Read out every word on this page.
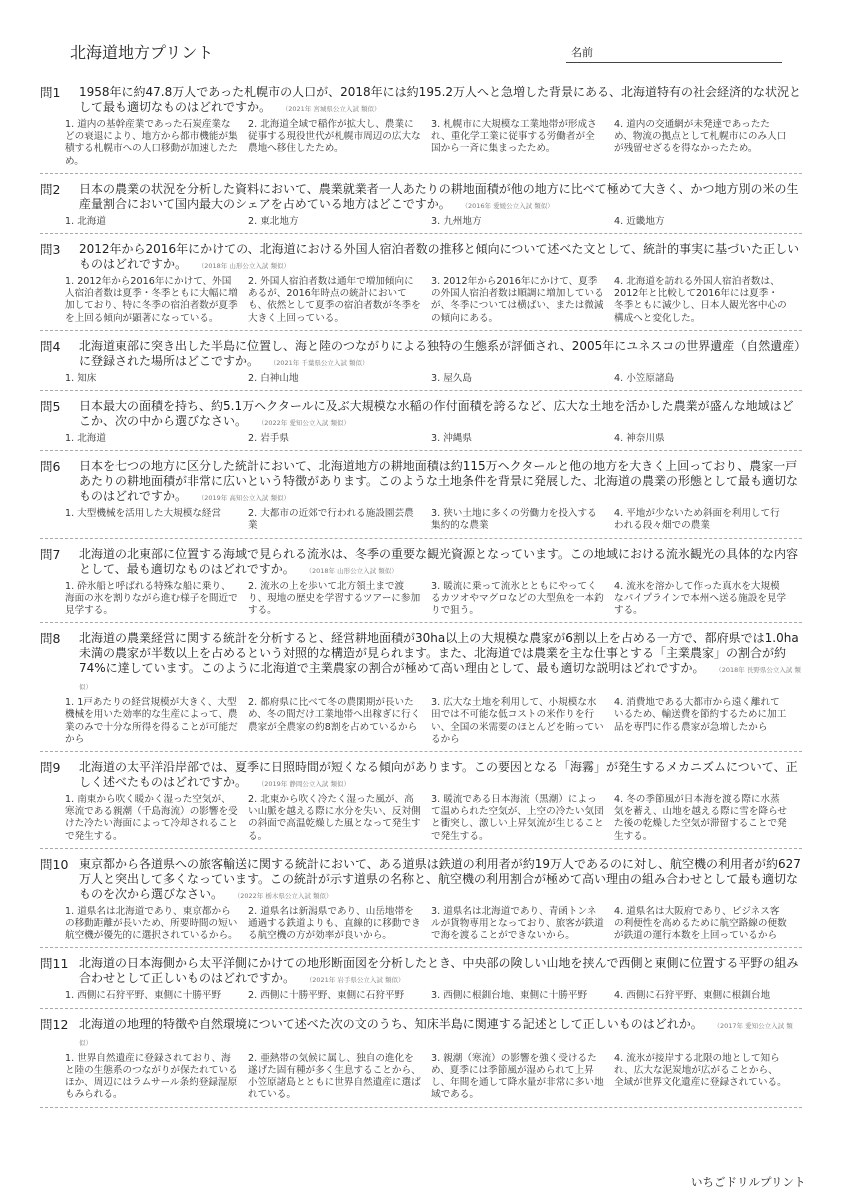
北海道地方プリント	名前
問1	1958年に約47.8万人であった札幌市の人口が、2018年には約195.2万人へと急増した背景にある、北海道特有の社会経済的な状況として最も適切なものはどれですか。 （2021年 宮城県公立入試 類似）
1. 道内の基幹産業であった石炭産業などの衰退により、地方から都市機能が集積する札幌市への人口移動が加速したため。
2. 北海道全域で稲作が拡大し、農業に従事する現役世代が札幌市周辺の広大な農地へ移住したため。
3. 札幌市に大規模な工業地帯が形成され、重化学工業に従事する労働者が全国から一斉に集まったため。
4. 道内の交通網が未発達であったため、物流の拠点として札幌市にのみ人口が残留せざるを得なかったため。
問2	日本の農業の状況を分析した資料において、農業就業者一人あたりの耕地面積が他の地方に比べて極めて大きく、かつ地方別の米の生産量割合において国内最大のシェアを占めている地方はどこですか。 （2016年 愛媛公立入試 類似）
1. 北海道	2. 東北地方	3. 九州地方	4. 近畿地方
問3	2012年から2016年にかけての、北海道における外国人宿泊者数の推移と傾向について述べた文として、統計的事実に基づいた正しいものはどれですか。 （2018年 山形公立入試 類似）
1. 2012年から2016年にかけて、外国人宿泊者数は夏季・冬季ともに大幅に増加しており、特に冬季の宿泊者数が夏季を上回る傾向が顕著になっている。
2. 外国人宿泊者数は通年で増加傾向にあるが、2016年時点の統計においても、依然として夏季の宿泊者数が冬季を大きく上回っている。
3. 2012年から2016年にかけて、夏季の外国人宿泊者数は順調に増加しているが、冬季については横ばい、または微減の傾向にある。
4. 北海道を訪れる外国人宿泊者数は、2012年と比較して2016年には夏季・冬季ともに減少し、日本人観光客中心の構成へと変化した。
問4	北海道東部に突き出した半島に位置し、海と陸のつながりによる独特の生態系が評価され、2005年にユネスコの世界遺産（自然遺産）に登録された場所はどこですか。 （2021年 千葉県公立入試 類似）
1. 知床	2. 白神山地	3. 屋久島	4. 小笠原諸島
問5	日本最大の面積を持ち、約5.1万ヘクタールに及ぶ大規模な水稲の作付面積を誇るなど、広大な土地を活かした農業が盛んな地域はどこか、次の中から選びなさい。 （2022年 愛知公立入試 類似）
1. 北海道	2. 岩手県	3. 沖縄県	4. 神奈川県
問6	日本を七つの地方に区分した統計において、北海道地方の耕地面積は約115万ヘクタールと他の地方を大きく上回っており、農家一戸あたりの耕地面積が非常に広いという特徴があります。このような土地条件を背景に発展した、北海道の農業の形態として最も適切なものはどれですか。 （2019年 高知公立入試 類似）
1. 大型機械を活用した大規模な経営	2. 大都市の近郊で行われる施設園芸農業
3. 狭い土地に多くの労働力を投入する集約的な農業
4. 平地が少ないため斜面を利用して行われる段々畑での農業
問7	北海道の北東部に位置する海域で見られる流氷は、冬季の重要な観光資源となっています。この地域における流氷観光の具体的な内容として、最も適切なものはどれですか。 （2018年 山形公立入試 類似）
1. 砕氷船と呼ばれる特殊な船に乗り、海面の氷を割りながら進む様子を間近で見学する。
2. 流氷の上を歩いて北方領土まで渡り、現地の歴史を学習するツアーに参加する。
3. 暖流に乗って流氷とともにやってくるカツオやマグロなどの大型魚を一本釣りで狙う。
4. 流氷を溶かして作った真水を大規模なパイプラインで本州へ送る施設を見学する。
問8	北海道の農業経営に関する統計を分析すると、経営耕地面積が30ha以上の大規模な農家が6割以上を占める一方で、都府県では1.0ha未満の農家が半数以上を占めるという対照的な構造が見られます。また、北海道では農業を主な仕事とする「主業農家」の割合が約74%に達しています。このように北海道で主業農家の割合が極めて高い理由として、最も適切な説明はどれですか。 （2018年 長野県公立入試 類似）
1. 1戸あたりの経営規模が大きく、大型機械を用いた効率的な生産によって、農業のみで十分な所得を得ることが可能だから
2. 都府県に比べて冬の農閑期が長いため、冬の間だけ工業地帯へ出稼ぎに行く農家が全農家の約8割を占めているから
3. 広大な土地を利用して、小規模な水田では不可能な低コストの米作りを行い、全国の米需要のほとんどを賄っているから
4. 消費地である大都市から遠く離れているため、輸送費を節約するために加工品を専門に作る農家が急増したから
問9	北海道の太平洋沿岸部では、夏季に日照時間が短くなる傾向があります。この要因となる「海霧」が発生するメカニズムについて、正しく述べたものはどれですか。 （2019年 静岡公立入試 類似）
1. 南東から吹く暖かく湿った空気が、寒流である親潮（千島海流）の影響を受けた冷たい海面によって冷却されることで発生する。
2. 北東から吹く冷たく湿った風が、高い山脈を越える際に水分を失い、反対側の斜面で高温乾燥した風となって発生する。
3. 暖流である日本海流（黒潮）によって温められた空気が、上空の冷たい気団と衝突し、激しい上昇気流が生じることで発生する。
4. 冬の季節風が日本海を渡る際に水蒸気を蓄え、山地を越える際に雪を降らせた後の乾燥した空気が滞留することで発生する。
問10 東京都から各道県への旅客輸送に関する統計において、ある道県は鉄道の利用者が約19万人であるのに対し、航空機の利用者が約627万人と突出して多くなっています。この統計が示す道県の名称と、航空機の利用割合が極めて高い理由の組み合わせとして最も適切なものを次から選びなさい。 （2022年 栃木県公立入試 類似）
1. 道県名は北海道であり、東京都からの移動距離が長いため、所要時間の短い航空機が優先的に選択されているから。
2. 道県名は新潟県であり、山岳地帯を通過する鉄道よりも、直線的に移動できる航空機の方が効率が良いから。
3. 道県名は北海道であり、青函トンネルが貨物専用となっており、旅客が鉄道で海を渡ることができないから。
4. 道県名は大阪府であり、ビジネス客の利便性を高めるために航空路線の便数が鉄道の運行本数を上回っているから
問11 北海道の日本海側から太平洋側にかけての地形断面図を分析したとき、中央部の険しい山地を挟んで西側と東側に位置する平野の組み合わせとして正しいものはどれですか。 （2021年 岩手県公立入試 類似）
1. 西側に石狩平野、東側に十勝平野	2. 西側に十勝平野、東側に石狩平野	3. 西側に根釧台地、東側に十勝平野	4. 西側に石狩平野、東側に根釧台地
問12 北海道の地理的特徴や自然環境について述べた次の文のうち、知床半島に関連する記述として正しいものはどれか。 （2017年 愛知公立入試 類似）
1. 世界自然遺産に登録されており、海と陸の生態系のつながりが保たれているほか、周辺にはラムサール条約登録湿原もみられる。
2. 亜熱帯の気候に属し、独自の進化を遂げた固有種が多く生息することから、小笠原諸島とともに世界自然遺産に選ばれている。
3. 親潮（寒流）の影響を強く受けるため、夏季には季節風が湿められて上昇し、年間を通して降水量が非常に多い地域である。
4. 流氷が接岸する北限の地として知られ、広大な泥炭地が広がることから、全域が世界文化遺産に登録されている。
いちごドリルプリント
